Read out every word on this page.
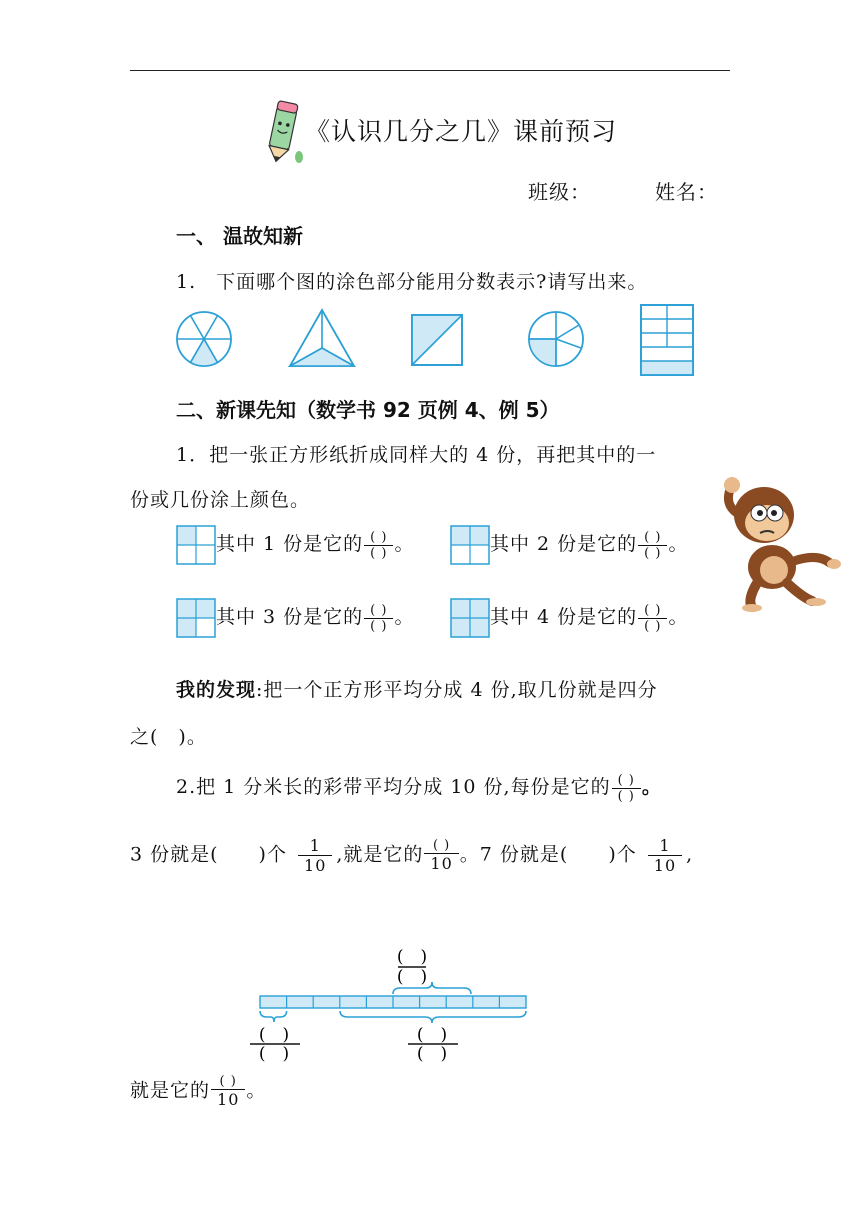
《认识几分之几》课前预习
班级：	姓名：
一、 温故知新
1.　下面哪个图的涂色部分能用分数表示?请写出来。
二、新课先知（数学书 92 页例 4、例 5）
1．把一张正方形纸折成同样大的 4 份，再把其中的一
份或几份涂上颜色。
其中 1 份是它的 $\frac{( )}{( )}$ 。	其中 2 份是它的 $\frac{( )}{( )}$ 。
其中 3 份是它的 $\frac{( )}{( )}$ 。	其中 4 份是它的 $\frac{( )}{( )}$ 。
我的发现:把一个正方形平均分成 4 份,取几份就是四分
之(　)。
2.把 1 分米长的彩带平均分成 10 份,每份是它的 $\frac{( )}{( )}$ 。
3 份就是(　　)个 $\frac{1}{10}$ ,就是它的 $\frac{( )}{10}$ 。7 份就是(　　)个 $\frac{1}{10}$ ,
(　)
(　)
(　)
(　)
(　)
(　)
就是它的 $\frac{( )}{10}$ 。
